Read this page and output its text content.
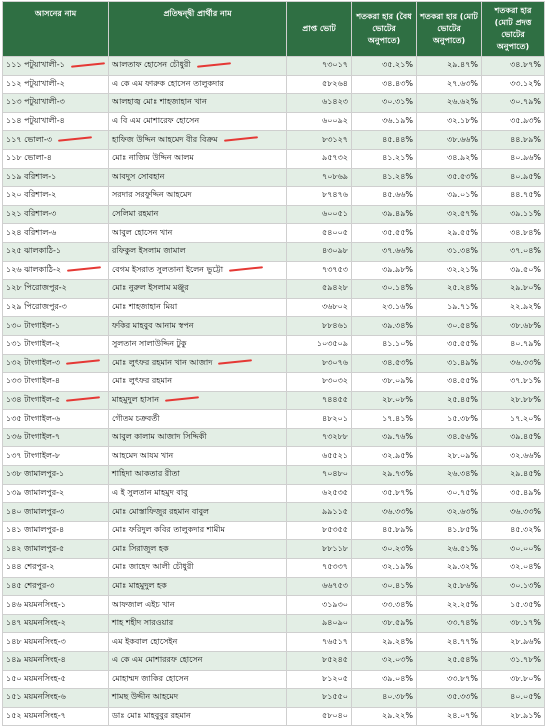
আসনের নাম	প্রতিদ্বন্দ্বী প্রার্থীর নাম	প্রাপ্ত ভোট	শতকরা হার (বৈধ ভোটের অনুপাতে)	শতকরা হার (মোট ভোটের অনুপাতে)	শতকরা হার (মোট প্রদত্ত ভোটের অনুপাতে)
১১১ পটুয়াখালী-১	আলতাফ হোসেন চৌধুরী	৭৩০১৭	৩৫.২১%	২৯.৪৭%	৩৪.৮৭%
১১২ পটুয়াখালী-২	এ কে এম ফারুক হোসেন তালুকদার	৫৮২৬৪	৩৪.৪৩%	২৭.৬৩%	৩৩.১২%
১১৩ পটুয়াখালী-৩	আলহাজ্ব মোঃ শাহজাহান খান	৬১৪২৩	৩০.৩১%	২৬.৬২%	৩০.৭৯%
১১৪ পটুয়াখালী-৪	এ বি এম মোশারেফ হোসেন	৬০০৯২	৩৬.১৯%	৩২.১৮%	৩৫.৯৩%
১১৭ ভোলা-৩	হাফিজ উদ্দিন আহমেদ বীর বিক্রম	৮৩১২৭	৪৫.৪৪%	৩৮.৬৬%	৪৪.৮৯%
১১৮ ভোলা-৪	মোঃ নাজিম উদ্দিন আলম	৯৫৭৩২	৪১.২১%	৩৪.৯২%	৪০.৯৬%
১১৯ বরিশাল-১	আবদুস সোবহান	৭০৮৬৯	৪১.২৪%	৩৫.৫৩%	৪০.৯৫%
১২০ বরিশাল-২	সরদার সরফুদ্দিন আহমেদ	৮৭৪৭৬	৪৫.৬৬%	৩৯.০১%	৪৪.৭৫%
১২১ বরিশাল-৩	সেলিমা রহমান	৬০০৫১	৩৯.৪৯%	৩২.৫৭%	৩৯.১১%
১২৪ বরিশাল-৬	আবুল হোসেন খান	৫৪০০৫	৩৫.৫৫%	২৯.৫৫%	৩৪.৮৪%
১২৫ ঝালকাঠি-১	রফিকুল ইসলাম জামাল	৪৩০৯৮	৩৭.৬৬%	৩১.৩৪%	৩৭.০৪%
১২৬ ঝালকাঠি-২	বেগম ইসরাত সুলতানা ইলেন ভুট্টো	৭৩৭৫৩	৩৯.৯৮%	৩২.২১%	৩৯.৫০%
১২৮ পিরোজপুর-২	মোঃ নুরুল ইসলাম মঞ্জুর	৫৯৪২৮	৩০.১৪%	২৫.২৪%	২৯.৮০%
১২৯ পিরোজপুর-৩	মোঃ শাহজাহান মিয়া	৩৬৮০২	২৩.১৬%	১৯.৭১%	২২.৯২%
১৩০ টাংগাইল-১	ফকির মাহবুব আনাম স্বপন	৮৮৪৬১	৩৯.৩৪%	৩০.৫৪%	৩৮.৬৮%
১৩১ টাংগাইল-২	সুলতান সালাউদ্দিন টুকু	১০৩৫০৯	৪১.১০%	৩৫.৫৫%	৪০.৭৯%
১৩২ টাংগাইল-৩	মোঃ লুৎফর রহমান খান আজাদ	৮৩০৭৬	৩৪.৫৩%	৩১.৪৯%	৩৬.৩৩%
১৩৩ টাংগাইল-৪	মোঃ লুৎফর রহমান	৮৩০৩২	৩৮.০৯%	৩৪.৫৫%	৩৭.৮১%
১৩৪ টাংগাইল-৫	মাহমুদুল হাসান	৭৪৪৫৫	২৮.০৮%	২৫.৪৫%	২৮.৮৮%
১৩৫ টাংগাইল-৬	গৌতম চক্রবর্তী	৪৮২০১	১৭.৪১%	১৫.৩৮%	১৭.২০%
১৩৬ টাংগাইল-৭	আবুল কালাম আজাদ সিদ্দিকী	৭৩২৮৮	৩৯.৭৬%	৩৪.৫৬%	৩৯.৪৫%
১৩৭ টাংগাইল-৮	আহমেদ আযম খান	৬৫৫২১	৩২.৯৫%	২৮.০৯%	৩২.৬৬%
১৩৮ জামালপুর-১	শাহিদা আকতার রীতা	৭০৪৮০	২৯.৭৩%	২৬.৩৪%	২৯.৪৫%
১৩৯ জামালপুর-২	এ ই সুলতান মাহমুদ বাবু	৬২৫৩৫	৩৫.৮৭%	৩০.৭৫%	৩৫.৪৯%
১৪০ জামালপুর-৩	মোঃ মোস্তাফিজুর রহমান বাবুল	৯৯১১৫	৩৬.৩৩%	৩২.৬৩%	৩৬.৩৩%
১৪১ জামালপুর-৪	মোঃ ফরিদুল কবির তালুকদার শামীম	৮৫৩৫৫	৪৫.৮৯%	৪১.৮৫%	৪৫.৩২%
১৪২ জামালপুর-৫	মোঃ সিরাজুল হক	৮৮১১৮	৩০.২৩%	২৬.৫১%	৩০.০০%
১৪৪ শেরপুর-২	মোঃ জাহেদ আলী চৌধুরী	৭৫৩৩৭	৩২.১৯%	২৯.৩২%	৩২.০৪%
১৪৫ শেরপুর-৩	মোঃ মাহমুদুল হক	৬৬৭৫৩	৩০.৪১%	২৫.৮৬%	৩০.১৩%
১৪৬ ময়মনসিংহ-১	আফজাল এইচ খান	৩১৯৩০	৩৩.৩৪%	২২.২৫%	১৫.৩৫%
১৪৭ ময়মনসিংহ-২	শাহ শহীদ সারওয়ার	৯৪০৯০	৩৮.৫৯%	৩৩.৭৪%	৩৮.১৭%
১৪৮ ময়মনসিংহ-৩	এম ইকবাল হোসেইন	৭৬৫১৭	২৯.২৪%	২৪.৭৭%	২৮.৯৬%
১৪৯ ময়মনসিংহ-৪	এ কে এম মোশাররফ হোসেন	৮৫২৪৫	৩২.০৩%	২৫.৫৪%	৩১.৭৮%
১৫০ ময়মনসিংহ-৫	মোহাম্মদ জাকির হোসেন	৮১২০৫	৩৯.০৪%	৩৩.৮৭%	৩৮.৮০%
১৫১ ময়মনসিংহ-৬	শামছ উদ্দীন আহমেদ	৮১৫৫০	৪০.৩৮%	৩৫.৩৩%	৪০.০৫%
১৫২ ময়মনসিংহ-৭	ডাঃ মোঃ মাহবুবুর রহমান	৫৮০৪০	২৯.২২%	২৪.০৭%	২৮.৯১%
